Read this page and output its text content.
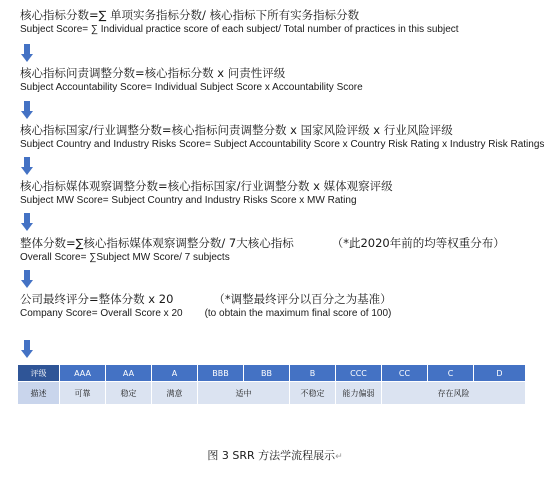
核心指标分数=∑ 单项实务指标分数/ 核心指标下所有实务指标分数
Subject Score= ∑ Individual practice score of each subject/ Total number of practices in this subject
核心指标问责调整分数=核心指标分数 x 问责性评级
Subject Accountability Score= Individual Subject Score x Accountability Score
核心指标国家/行业调整分数=核心指标问责调整分数 x 国家风险评级 x 行业风险评级
Subject Country and Industry Risks Score= Subject Accountability Score x Country Risk Rating x Industry Risk Ratings
核心指标媒体观察调整分数=核心指标国家/行业调整分数 x 媒体观察评级
Subject MW Score= Subject Country and Industry Risks Score x MW Rating
整体分数=∑核心指标媒体观察调整分数/ 7大核心指标	（*此2020年前的均等权重分布）
Overall Score= ∑Subject MW Score/ 7 subjects
公司最终评分=整体分数 x 20	（*调整最终评分以百分之为基准）
Company Score= Overall Score x 20 (to obtain the maximum final score of 100)
评级	AAA	AA	A	BBB	BB	B	CCC	CC	C	D
描述	可靠	稳定	满意	适中		不稳定	能力偏弱	存在风险		
图 3 SRR 方法学流程展示↵
